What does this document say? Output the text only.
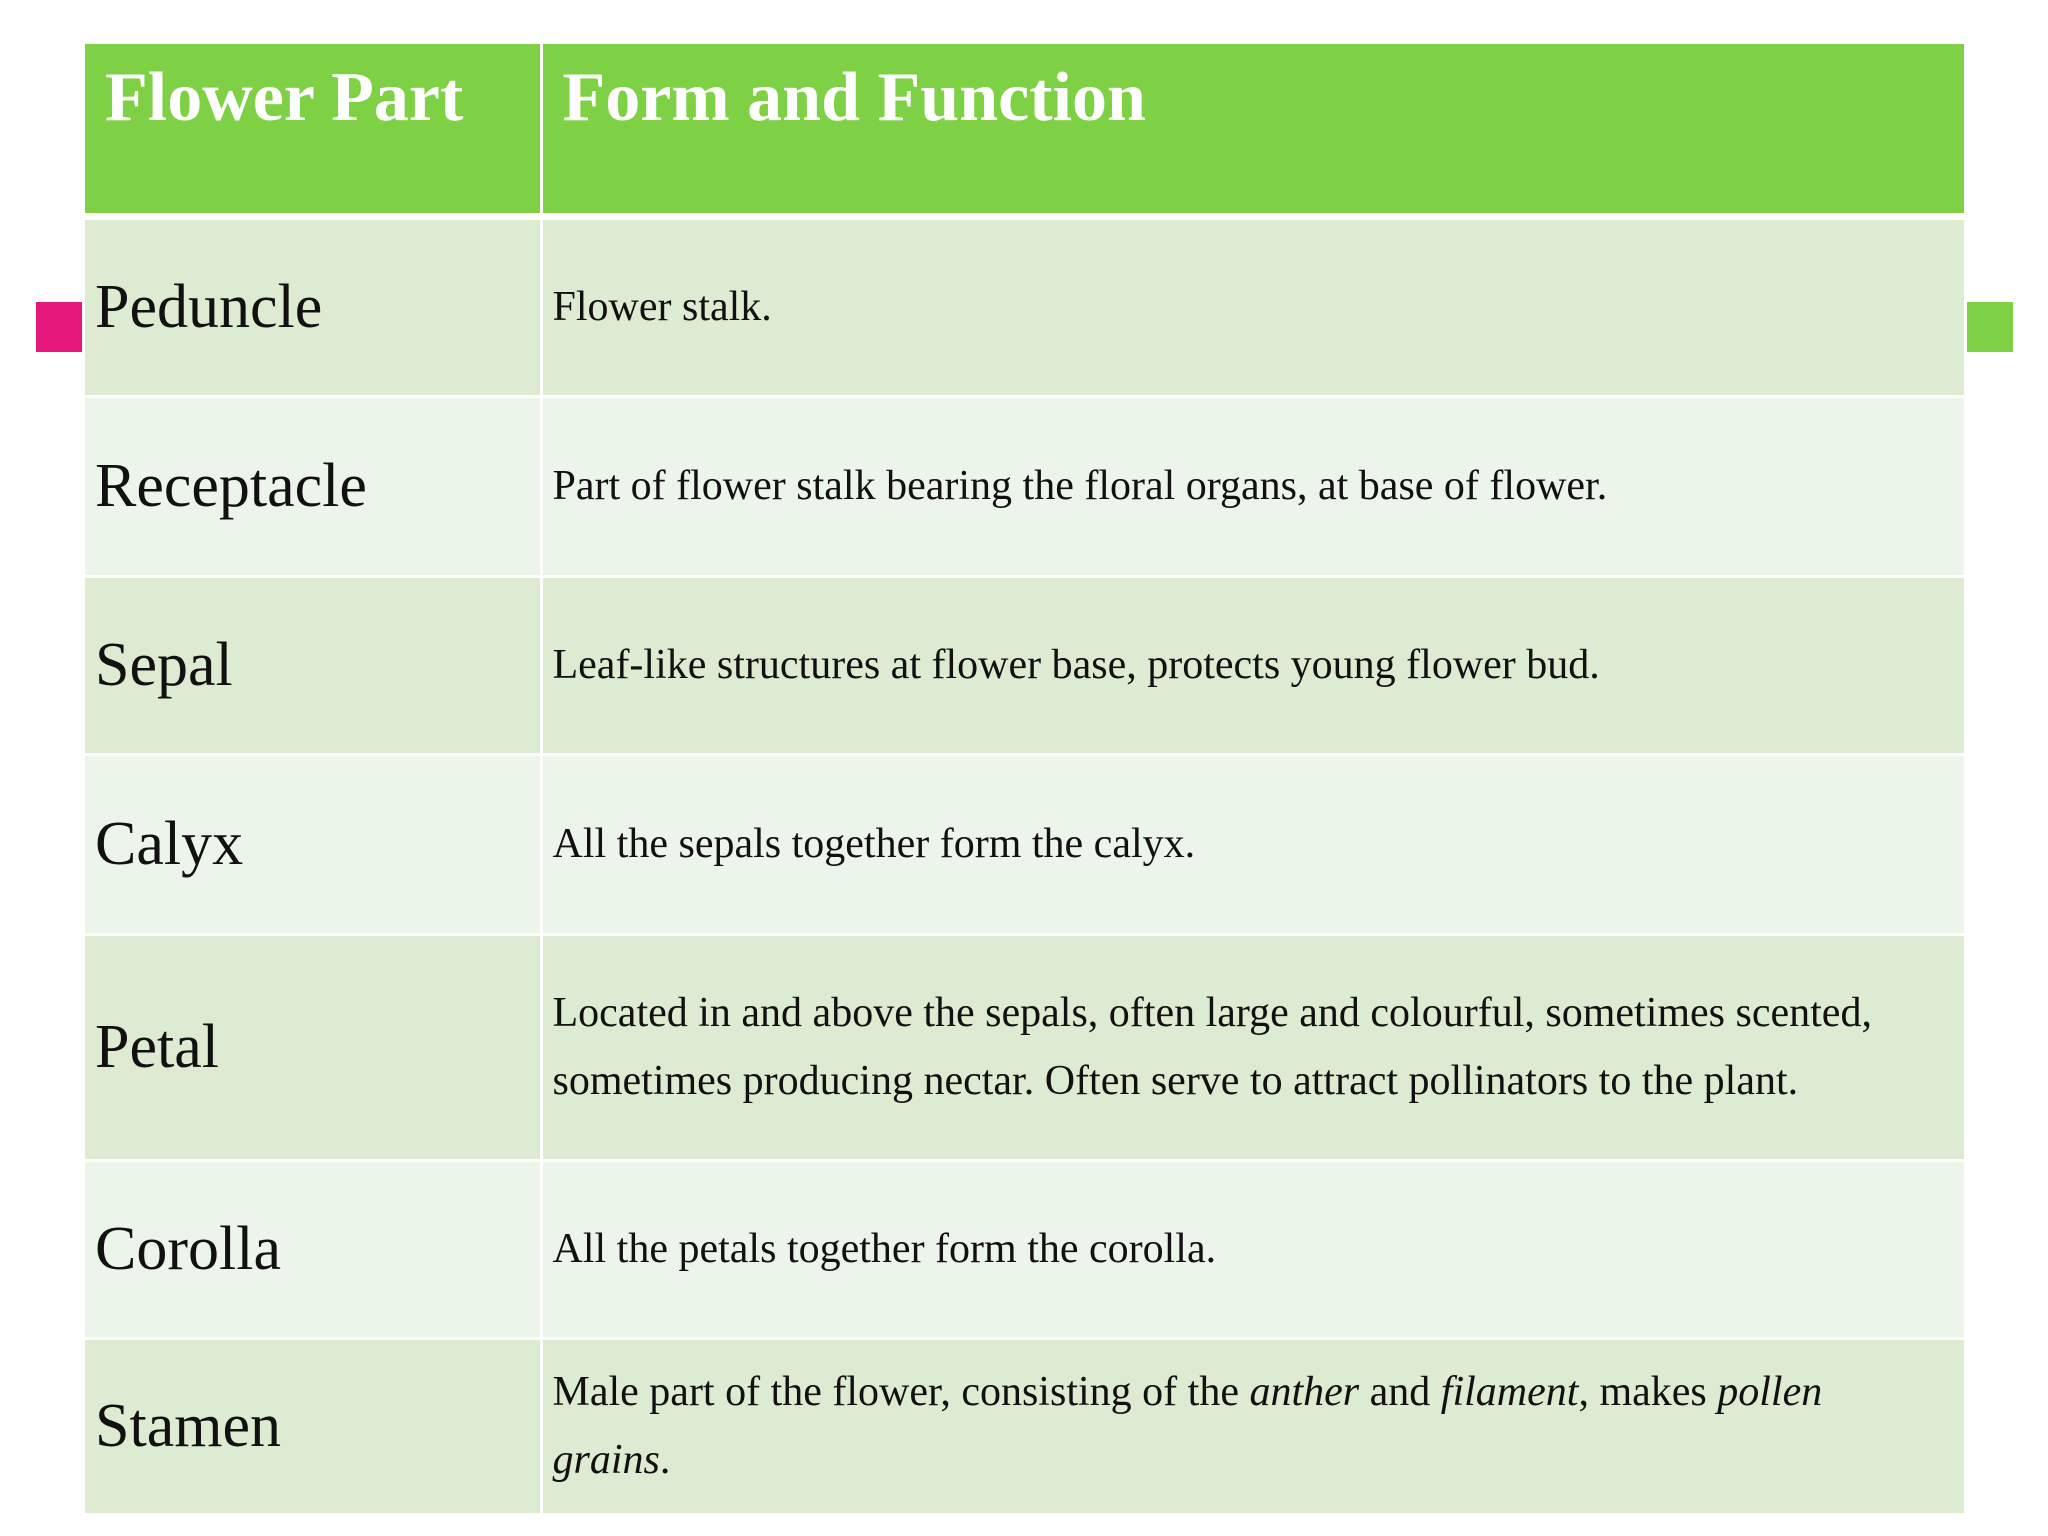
Flower Part	Form and Function
Peduncle	Flower stalk.
Receptacle	Part of flower stalk bearing the floral organs, at base of flower.
Sepal	Leaf-like structures at flower base, protects young flower bud.
Calyx	All the sepals together form the calyx.
Petal	Located in and above the sepals, often large and colourful, sometimes scented, sometimes producing nectar. Often serve to attract pollinators to the plant.
Corolla	All the petals together form the corolla.
Stamen	Male part of the flower, consisting of the anther and filament, makes pollen grains.
